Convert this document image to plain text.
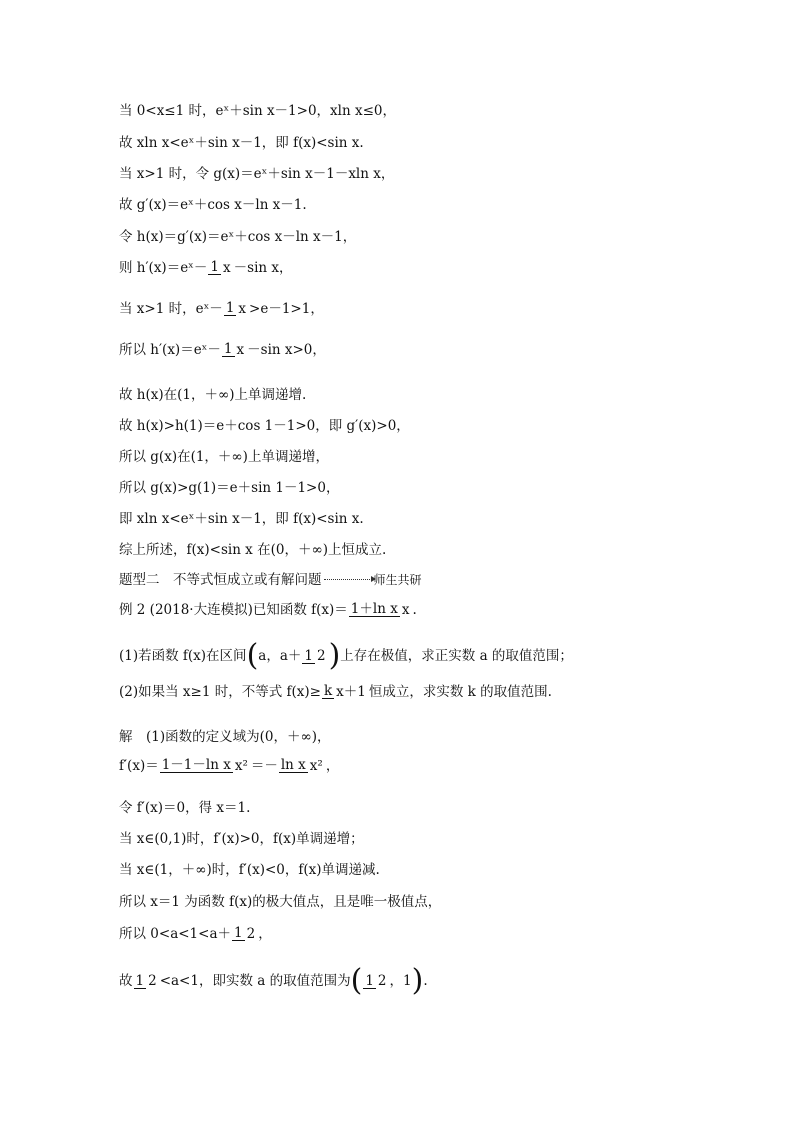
当 0<x≤1 时，eˣ＋sin x－1>0，xln x≤0，
故 xln x<eˣ＋sin x－1，即 f(x)<sin x.
当 x>1 时，令 g(x)＝eˣ＋sin x－1－xln x，
故 g′(x)＝eˣ＋cos x－ln x－1.
令 h(x)＝g′(x)＝eˣ＋cos x－ln x－1，
则 h′(x)＝eˣ－ 1 x －sin x，
当 x>1 时，eˣ－ 1 x >e－1>1，
所以 h′(x)＝eˣ－ 1 x －sin x>0，
故 h(x)在(1，＋∞)上单调递增.
故 h(x)>h(1)＝e＋cos 1－1>0，即 g′(x)>0，
所以 g(x)在(1，＋∞)上单调递增，
所以 g(x)>g(1)＝e＋sin 1－1>0，
即 xln x<eˣ＋sin x－1，即 f(x)<sin x.
综上所述，f(x)<sin x 在(0，＋∞)上恒成立.
题型二　不等式恒成立或有解问题	师生共研
例 2 (2018·大连模拟)已知函数 f(x)＝ 1＋ln x x .
(1)若函数 f(x)在区间(a，a＋ 1 2 )上存在极值，求正实数 a 的取值范围；
(2)如果当 x≥1 时，不等式 f(x)≥ k x＋1 恒成立，求实数 k 的取值范围.
解　(1)函数的定义域为(0，＋∞)，
f′(x)＝ 1－1－ln x x² ＝－ ln x x² ，
令 f′(x)＝0，得 x＝1.
当 x∈(0,1)时，f′(x)>0，f(x)单调递增；
当 x∈(1，＋∞)时，f′(x)<0，f(x)单调递减.
所以 x＝1 为函数 f(x)的极大值点，且是唯一极值点，
所以 0<a<1<a＋ 1 2 ，
故 1 2 <a<1，即实数 a 的取值范围为( 1 2 ，1).
